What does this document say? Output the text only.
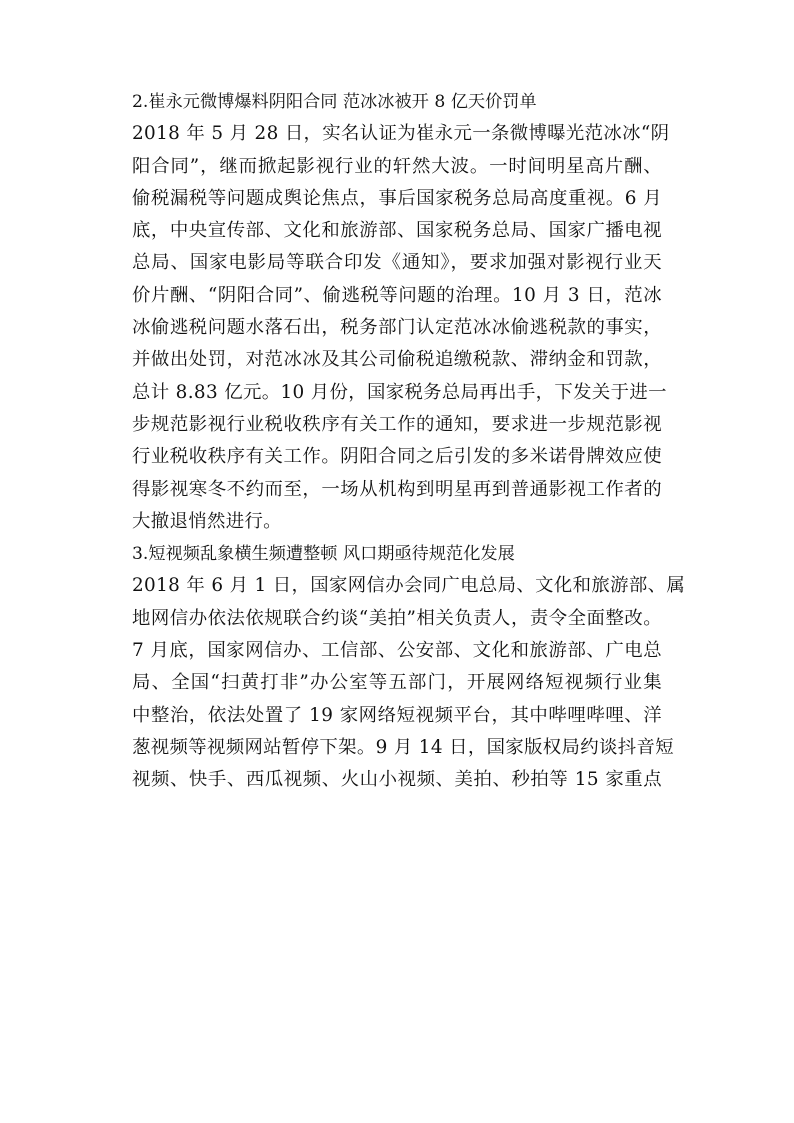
2.崔永元微博爆料阴阳合同 范冰冰被开 8 亿天价罚单
2018 年 5 月 28 日，实名认证为崔永元一条微博曝光范冰冰“阴
阳合同”，继而掀起影视行业的轩然大波。一时间明星高片酬、
偷税漏税等问题成舆论焦点，事后国家税务总局高度重视。6 月
底，中央宣传部、文化和旅游部、国家税务总局、国家广播电视
总局、国家电影局等联合印发《通知》，要求加强对影视行业天
价片酬、“阴阳合同”、偷逃税等问题的治理。10 月 3 日，范冰
冰偷逃税问题水落石出，税务部门认定范冰冰偷逃税款的事实，
并做出处罚，对范冰冰及其公司偷税追缴税款、滞纳金和罚款，
总计 8.83 亿元。10 月份，国家税务总局再出手，下发关于进一
步规范影视行业税收秩序有关工作的通知，要求进一步规范影视
行业税收秩序有关工作。阴阳合同之后引发的多米诺骨牌效应使
得影视寒冬不约而至，一场从机构到明星再到普通影视工作者的
大撤退悄然进行。
3.短视频乱象横生频遭整顿 风口期亟待规范化发展
2018 年 6 月 1 日，国家网信办会同广电总局、文化和旅游部、属
地网信办依法依规联合约谈“美拍”相关负责人，责令全面整改。
7 月底，国家网信办、工信部、公安部、文化和旅游部、广电总
局、全国“扫黄打非”办公室等五部门，开展网络短视频行业集
中整治，依法处置了 19 家网络短视频平台，其中哔哩哔哩、洋
葱视频等视频网站暂停下架。9 月 14 日，国家版权局约谈抖音短
视频、快手、西瓜视频、火山小视频、美拍、秒拍等 15 家重点
